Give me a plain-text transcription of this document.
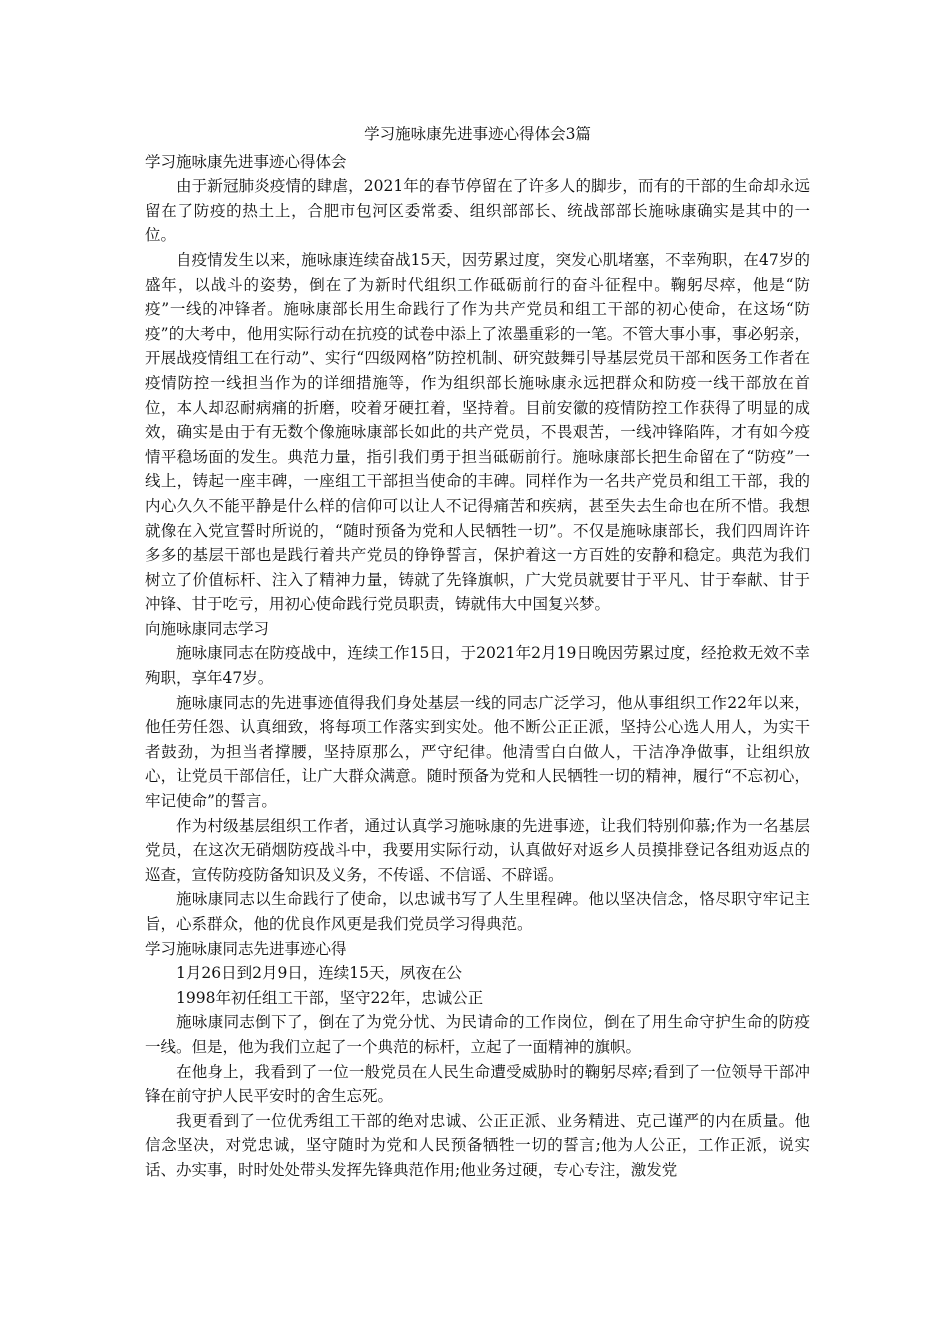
学习施咏康先进事迹心得体会3篇
学习施咏康先进事迹心得体会

由于新冠肺炎疫情的肆虐，2021年的春节停留在了许多人的脚步，而有的干部的生命却永远留在了防疫的热土上，合肥市包河区委常委、组织部部长、统战部部长施咏康确实是其中的一位。

自疫情发生以来，施咏康连续奋战15天，因劳累过度，突发心肌堵塞，不幸殉职，在47岁的盛年，以战斗的姿势，倒在了为新时代组织工作砥砺前行的奋斗征程中。鞠躬尽瘁，他是“防疫”一线的冲锋者。施咏康部长用生命践行了作为共产党员和组工干部的初心使命，在这场“防疫”的大考中，他用实际行动在抗疫的试卷中添上了浓墨重彩的一笔。不管大事小事，事必躬亲，开展战疫情组工在行动”、实行“四级网格”防控机制、研究鼓舞引导基层党员干部和医务工作者在疫情防控一线担当作为的详细措施等，作为组织部长施咏康永远把群众和防疫一线干部放在首位，本人却忍耐病痛的折磨，咬着牙硬扛着，坚持着。目前安徽的疫情防控工作获得了明显的成效，确实是由于有无数个像施咏康部长如此的共产党员，不畏艰苦，一线冲锋陷阵，才有如今疫情平稳场面的发生。典范力量，指引我们勇于担当砥砺前行。施咏康部长把生命留在了“防疫”一线上，铸起一座丰碑，一座组工干部担当使命的丰碑。同样作为一名共产党员和组工干部，我的内心久久不能平静是什么样的信仰可以让人不记得痛苦和疾病，甚至失去生命也在所不惜。我想就像在入党宣誓时所说的，“随时预备为党和人民牺牲一切”。不仅是施咏康部长，我们四周许许多多的基层干部也是践行着共产党员的铮铮誓言，保护着这一方百姓的安静和稳定。典范为我们树立了价值标杆、注入了精神力量，铸就了先锋旗帜，广大党员就要甘于平凡、甘于奉献、甘于冲锋、甘于吃亏，用初心使命践行党员职责，铸就伟大中国复兴梦。

向施咏康同志学习

施咏康同志在防疫战中，连续工作15日，于2021年2月19日晚因劳累过度，经抢救无效不幸殉职，享年47岁。

施咏康同志的先进事迹值得我们身处基层一线的同志广泛学习，他从事组织工作22年以来，他任劳任怨、认真细致，将每项工作落实到实处。他不断公正正派，坚持公心选人用人，为实干者鼓劲，为担当者撑腰，坚持原那么，严守纪律。他清雪白白做人，干洁净净做事，让组织放心，让党员干部信任，让广大群众满意。随时预备为党和人民牺牲一切的精神，履行“不忘初心，牢记使命”的誓言。

作为村级基层组织工作者，通过认真学习施咏康的先进事迹，让我们特别仰慕;作为一名基层党员，在这次无硝烟防疫战斗中，我要用实际行动，认真做好对返乡人员摸排登记各组劝返点的巡查，宣传防疫防备知识及义务，不传谣、不信谣、不辟谣。

施咏康同志以生命践行了使命，以忠诚书写了人生里程碑。他以坚决信念，恪尽职守牢记主旨，心系群众，他的优良作风更是我们党员学习得典范。

学习施咏康同志先进事迹心得

1月26日到2月9日，连续15天，夙夜在公

1998年初任组工干部，坚守22年，忠诚公正

施咏康同志倒下了，倒在了为党分忧、为民请命的工作岗位，倒在了用生命守护生命的防疫一线。但是，他为我们立起了一个典范的标杆，立起了一面精神的旗帜。

在他身上，我看到了一位一般党员在人民生命遭受威胁时的鞠躬尽瘁;看到了一位领导干部冲锋在前守护人民平安时的舍生忘死。

我更看到了一位优秀组工干部的绝对忠诚、公正正派、业务精进、克己谨严的内在质量。他信念坚决，对党忠诚，坚守随时为党和人民预备牺牲一切的誓言;他为人公正，工作正派，说实话、办实事，时时处处带头发挥先锋典范作用;他业务过硬，专心专注，激发党
